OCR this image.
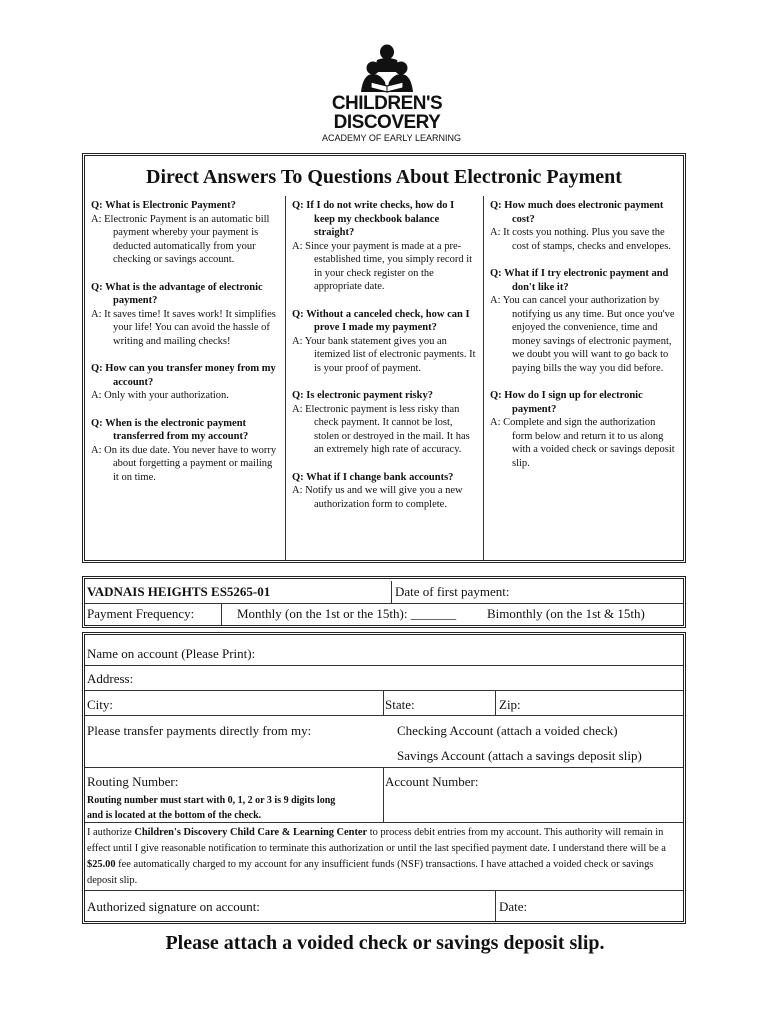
CHILDREN'S
DISCOVERY
ACADEMY OF EARLY LEARNING
Direct Answers To Questions About Electronic Payment
Q: What is Electronic Payment?
A: Electronic Payment is an automatic bill payment whereby your payment is deducted automatically from your checking or savings account.
Q: What is the advantage of electronic payment?
A: It saves time! It saves work! It simplifies your life! You can avoid the hassle of writing and mailing checks!
Q: How can you transfer money from my account?
A: Only with your authorization.
Q: When is the electronic payment transferred from my account?
A: On its due date. You never have to worry about forgetting a payment or mailing it on time.
Q: If I do not write checks, how do I keep my checkbook balance straight?
A: Since your payment is made at a pre-established time, you simply record it in your check register on the appropriate date.
Q: Without a canceled check, how can I prove I made my payment?
A: Your bank statement gives you an itemized list of electronic payments. It is your proof of payment.
Q: Is electronic payment risky?
A: Electronic payment is less risky than check payment. It cannot be lost, stolen or destroyed in the mail. It has an extremely high rate of accuracy.
Q: What if I change bank accounts?
A: Notify us and we will give you a new authorization form to complete.
Q: How much does electronic payment cost?
A: It costs you nothing. Plus you save the cost of stamps, checks and envelopes.
Q: What if I try electronic payment and don't like it?
A: You can cancel your authorization by notifying us any time. But once you've enjoyed the convenience, time and money savings of electronic payment, we doubt you will want to go back to paying bills the way you did before.
Q: How do I sign up for electronic payment?
A: Complete and sign the authorization form below and return it to us along with a voided check or savings deposit slip.
VADNAIS HEIGHTS ES5265-01	Date of first payment:
Payment Frequency:	Monthly (on the 1st or the 15th): _______ Bimonthly (on the 1st & 15th)
Name on account (Please Print):
Address:
City:	State:	Zip:
Please transfer payments directly from my:	Checking Account (attach a voided check)
Savings Account (attach a savings deposit slip)
Routing Number:	Account Number:
Routing number must start with 0, 1, 2 or 3 is 9 digits long
and is located at the bottom of the check.
I authorize Children's Discovery Child Care & Learning Center to process debit entries from my account. This authority will remain in effect until I give reasonable notification to terminate this authorization or until the last specified payment date. I understand there will be a $25.00 fee automatically charged to my account for any insufficient funds (NSF) transactions. I have attached a voided check or savings deposit slip.
Authorized signature on account:	Date:
Please attach a voided check or savings deposit slip.
